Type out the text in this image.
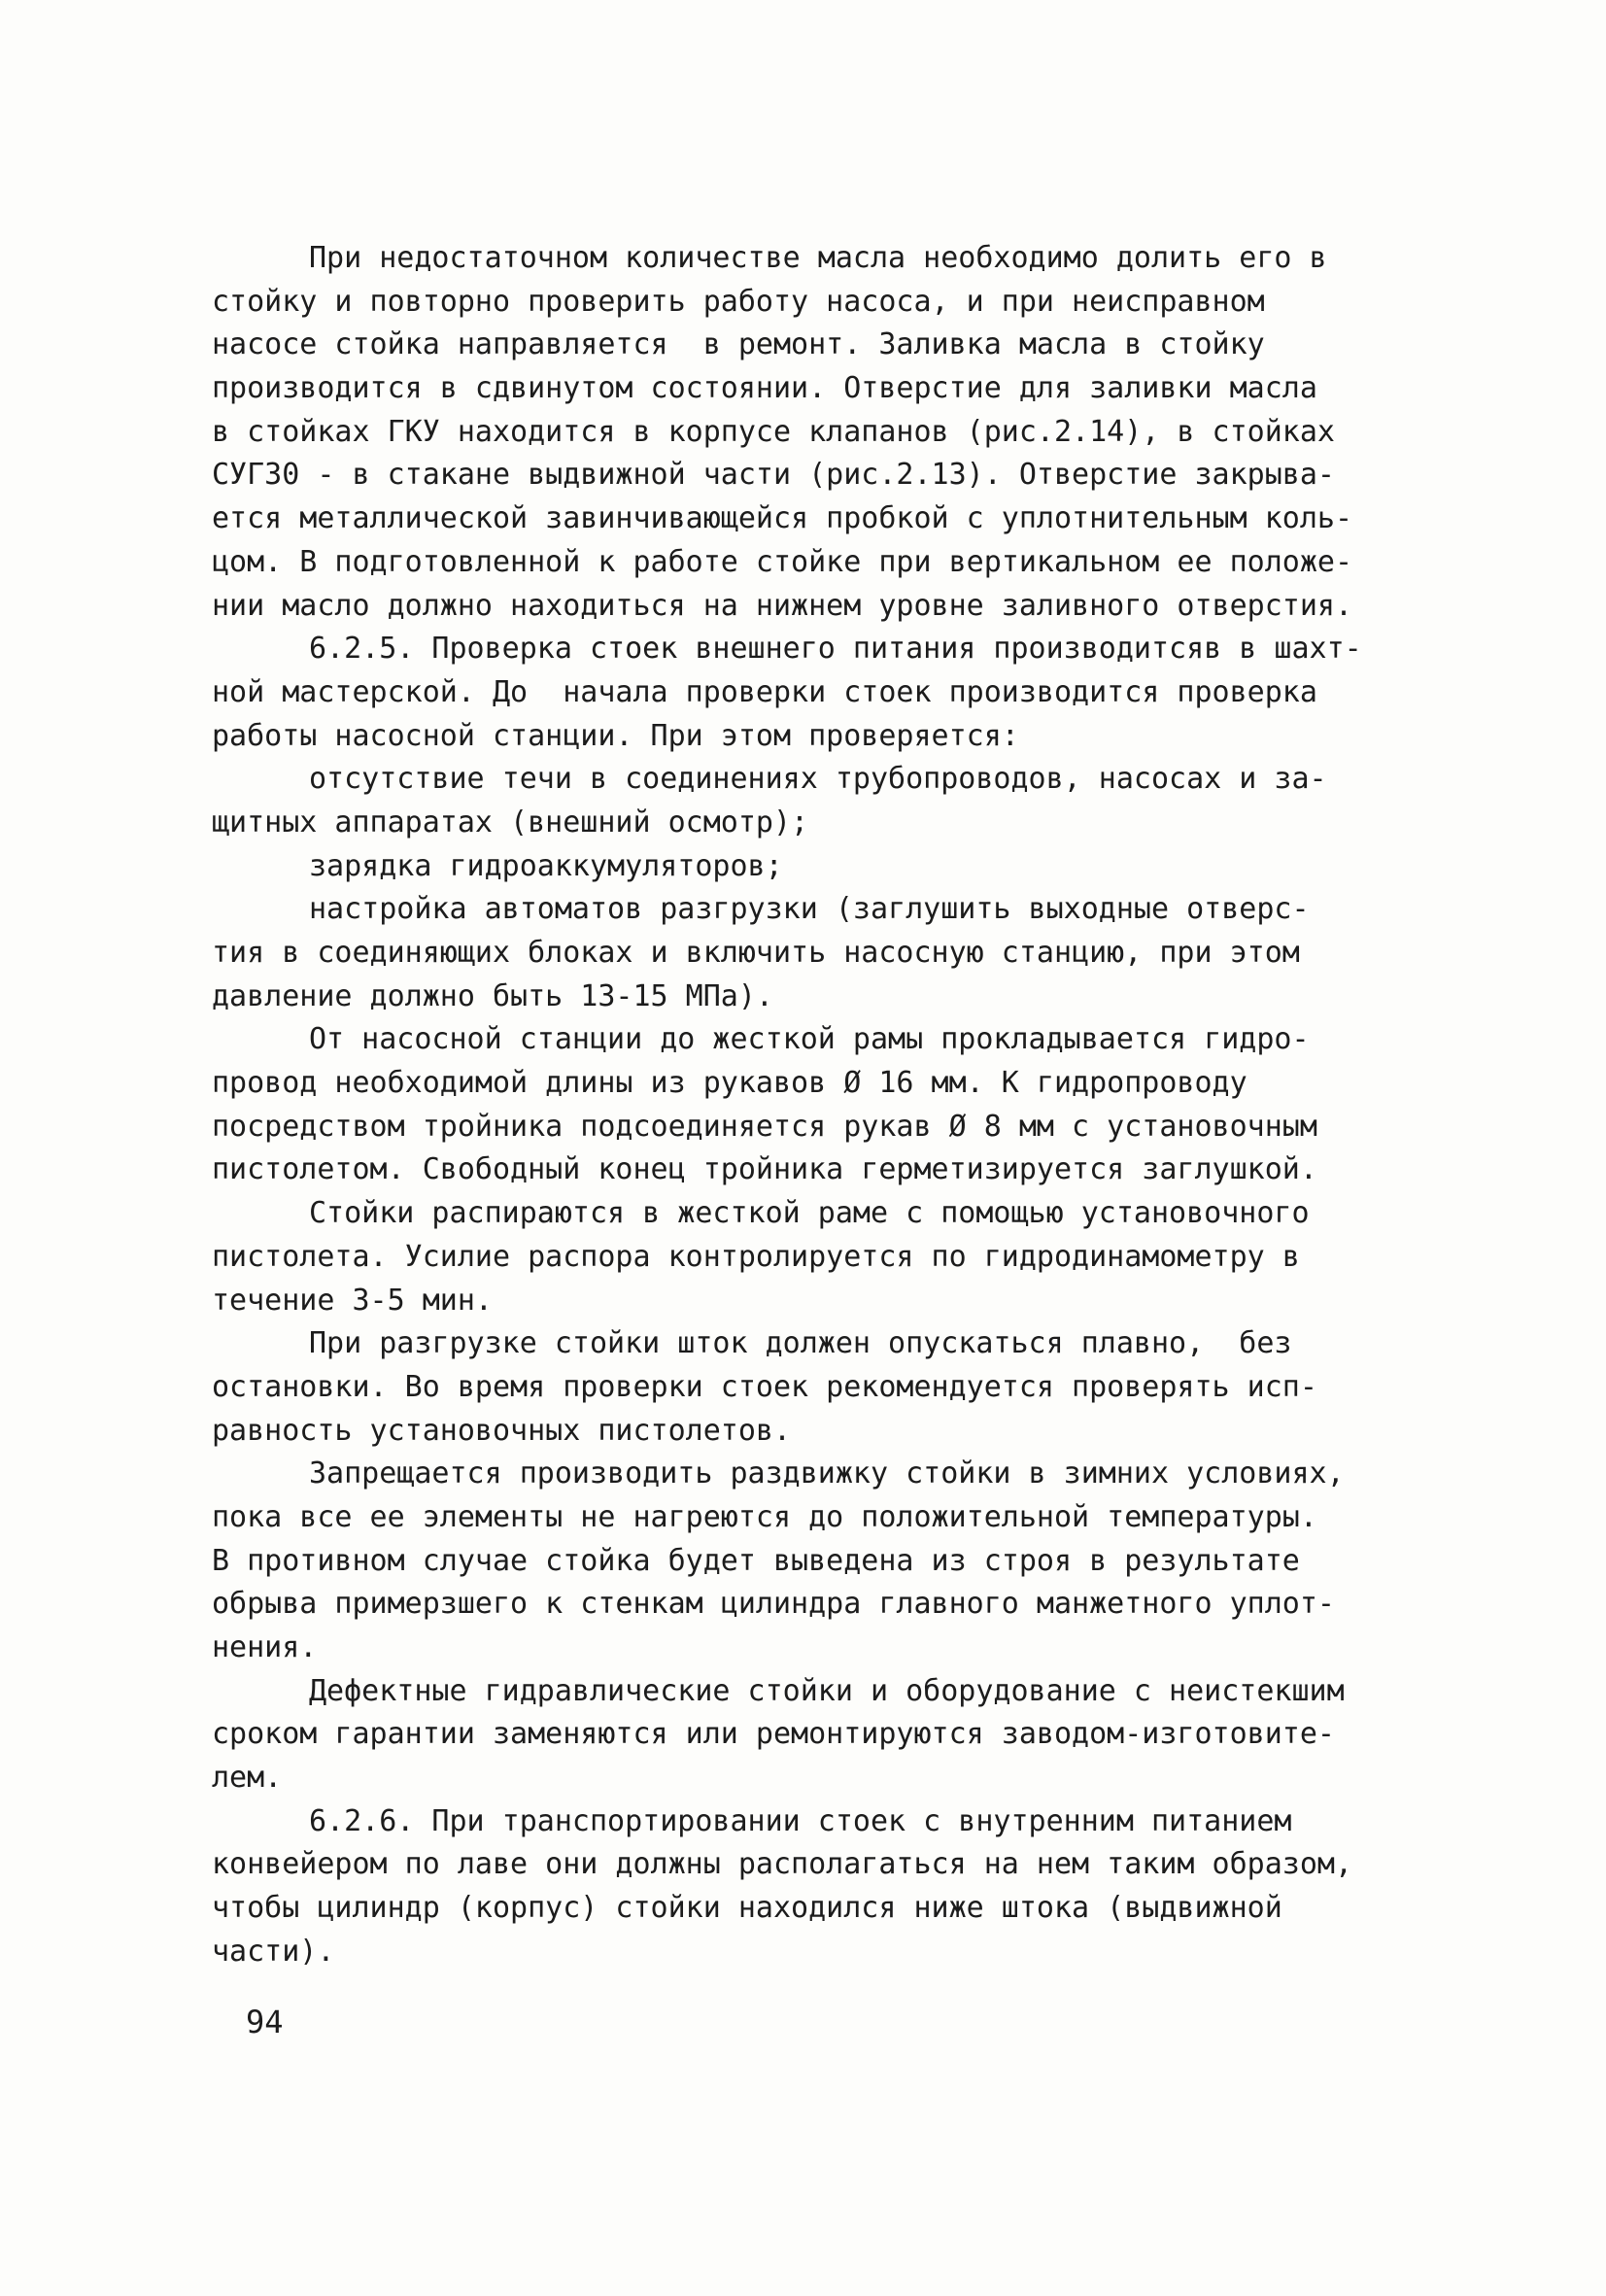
При недостаточном количестве масла необходимо долить его в
стойку и повторно проверить работу насоса, и при неисправном
насосе стойка направляется  в ремонт. Заливка масла в стойку
производится в сдвинутом состоянии. Отверстие для заливки масла
в стойках ГКУ находится в корпусе клапанов (рис.2.14), в стойках
СУГ30 - в стакане выдвижной части (рис.2.13). Отверстие закрыва-
ется металлической завинчивающейся пробкой с уплотнительным коль-
цом. В подготовленной к работе стойке при вертикальном ее положе-
нии масло должно находиться на нижнем уровне заливного отверстия.
6.2.5. Проверка стоек внешнего питания производитсяв в шахт-
ной мастерской. До  начала проверки стоек производится проверка
работы насосной станции. При этом проверяется:
отсутствие течи в соединениях трубопроводов, насосах и за-
щитных аппаратах (внешний осмотр);
зарядка гидроаккумуляторов;
настройка автоматов разгрузки (заглушить выходные отверс-
тия в соединяющих блоках и включить насосную станцию, при этом
давление должно быть 13-15 МПа).
От насосной станции до жесткой рамы прокладывается гидро-
провод необходимой длины из рукавов Ø 16 мм. К гидропроводу
посредством тройника подсоединяется рукав Ø 8 мм с установочным
пистолетом. Свободный конец тройника герметизируется заглушкой.
Стойки распираются в жесткой раме с помощью установочного
пистолета. Усилие распора контролируется по гидродинамометру в
течение 3-5 мин.
При разгрузке стойки шток должен опускаться плавно,  без
остановки. Во время проверки стоек рекомендуется проверять исп-
равность установочных пистолетов.
Запрещается производить раздвижку стойки в зимних условиях,
пока все ее элементы не нагреются до положительной температуры.
В противном случае стойка будет выведена из строя в результате
обрыва примерзшего к стенкам цилиндра главного манжетного уплот-
нения.
Дефектные гидравлические стойки и оборудование с неистекшим
сроком гарантии заменяются или ремонтируются заводом-изготовите-
лем.
6.2.6. При транспортировании стоек с внутренним питанием
конвейером по лаве они должны располагаться на нем таким образом,
чтобы цилиндр (корпус) стойки находился ниже штока (выдвижной
части).
94
